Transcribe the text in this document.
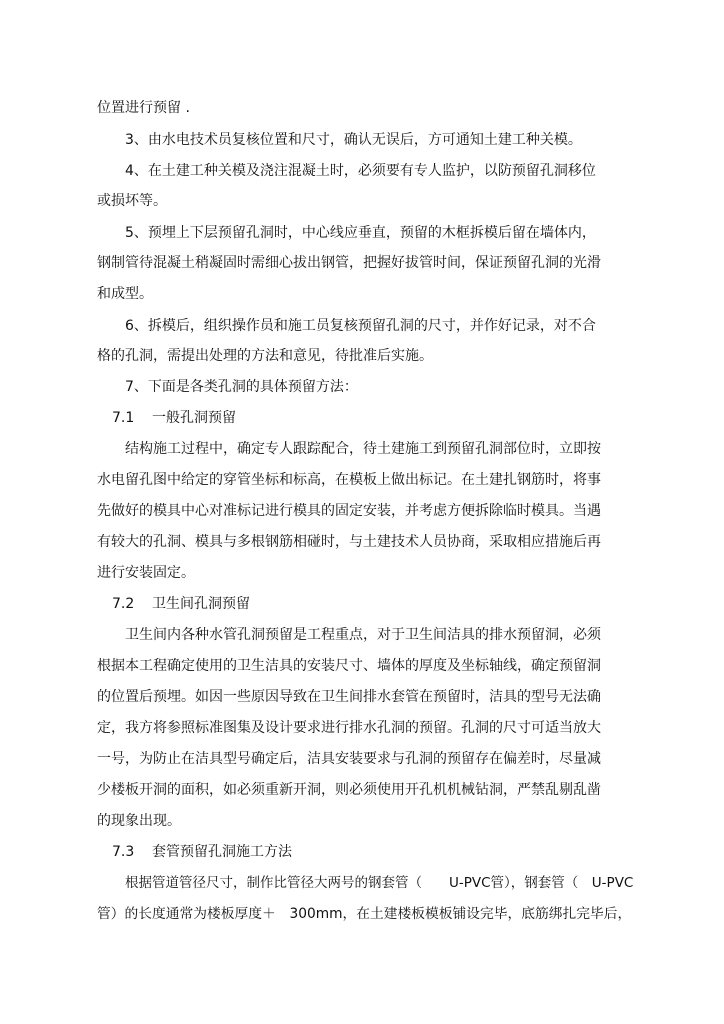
位置进行预留 .
3、由水电技术员复核位置和尺寸，确认无误后，方可通知土建工种关模。
4、在土建工种关模及浇注混凝土时，必须要有专人监护，以防预留孔洞移位
或损坏等。
5、预埋上下层预留孔洞时，中心线应垂直，预留的木框拆模后留在墙体内，
钢制管待混凝土稍凝固时需细心拔出钢管，把握好拔管时间，保证预留孔洞的光滑
和成型。
6、拆模后，组织操作员和施工员复核预留孔洞的尺寸，并作好记录，对不合
格的孔洞，需提出处理的方法和意见，待批准后实施。
7、下面是各类孔洞的具体预留方法：
7.1 一般孔洞预留
结构施工过程中，确定专人跟踪配合，待土建施工到预留孔洞部位时，立即按
水电留孔图中给定的穿管坐标和标高，在模板上做出标记。在土建扎钢筋时，将事
先做好的模具中心对准标记进行模具的固定安装，并考虑方便拆除临时模具。当遇
有较大的孔洞、模具与多根钢筋相碰时，与土建技术人员协商，采取相应措施后再
进行安装固定。
7.2 卫生间孔洞预留
卫生间内各种水管孔洞预留是工程重点，对于卫生间洁具的排水预留洞，必须
根据本工程确定使用的卫生洁具的安装尺寸、墙体的厚度及坐标轴线，确定预留洞
的位置后预埋。如因一些原因导致在卫生间排水套管在预留时，洁具的型号无法确
定，我方将参照标准图集及设计要求进行排水孔洞的预留。孔洞的尺寸可适当放大
一号，为防止在洁具型号确定后，洁具安装要求与孔洞的预留存在偏差时，尽量减
少楼板开洞的面积，如必须重新开洞，则必须使用开孔机机械钻洞，严禁乱剔乱凿
的现象出现。
7.3 套管预留孔洞施工方法
根据管道管径尺寸，制作比管径大两号的钢套管（　　U-PVC管），钢套管（　U-PVC
管）的长度通常为楼板厚度＋　300mm，在土建楼板模板铺设完毕，底筋绑扎完毕后，
